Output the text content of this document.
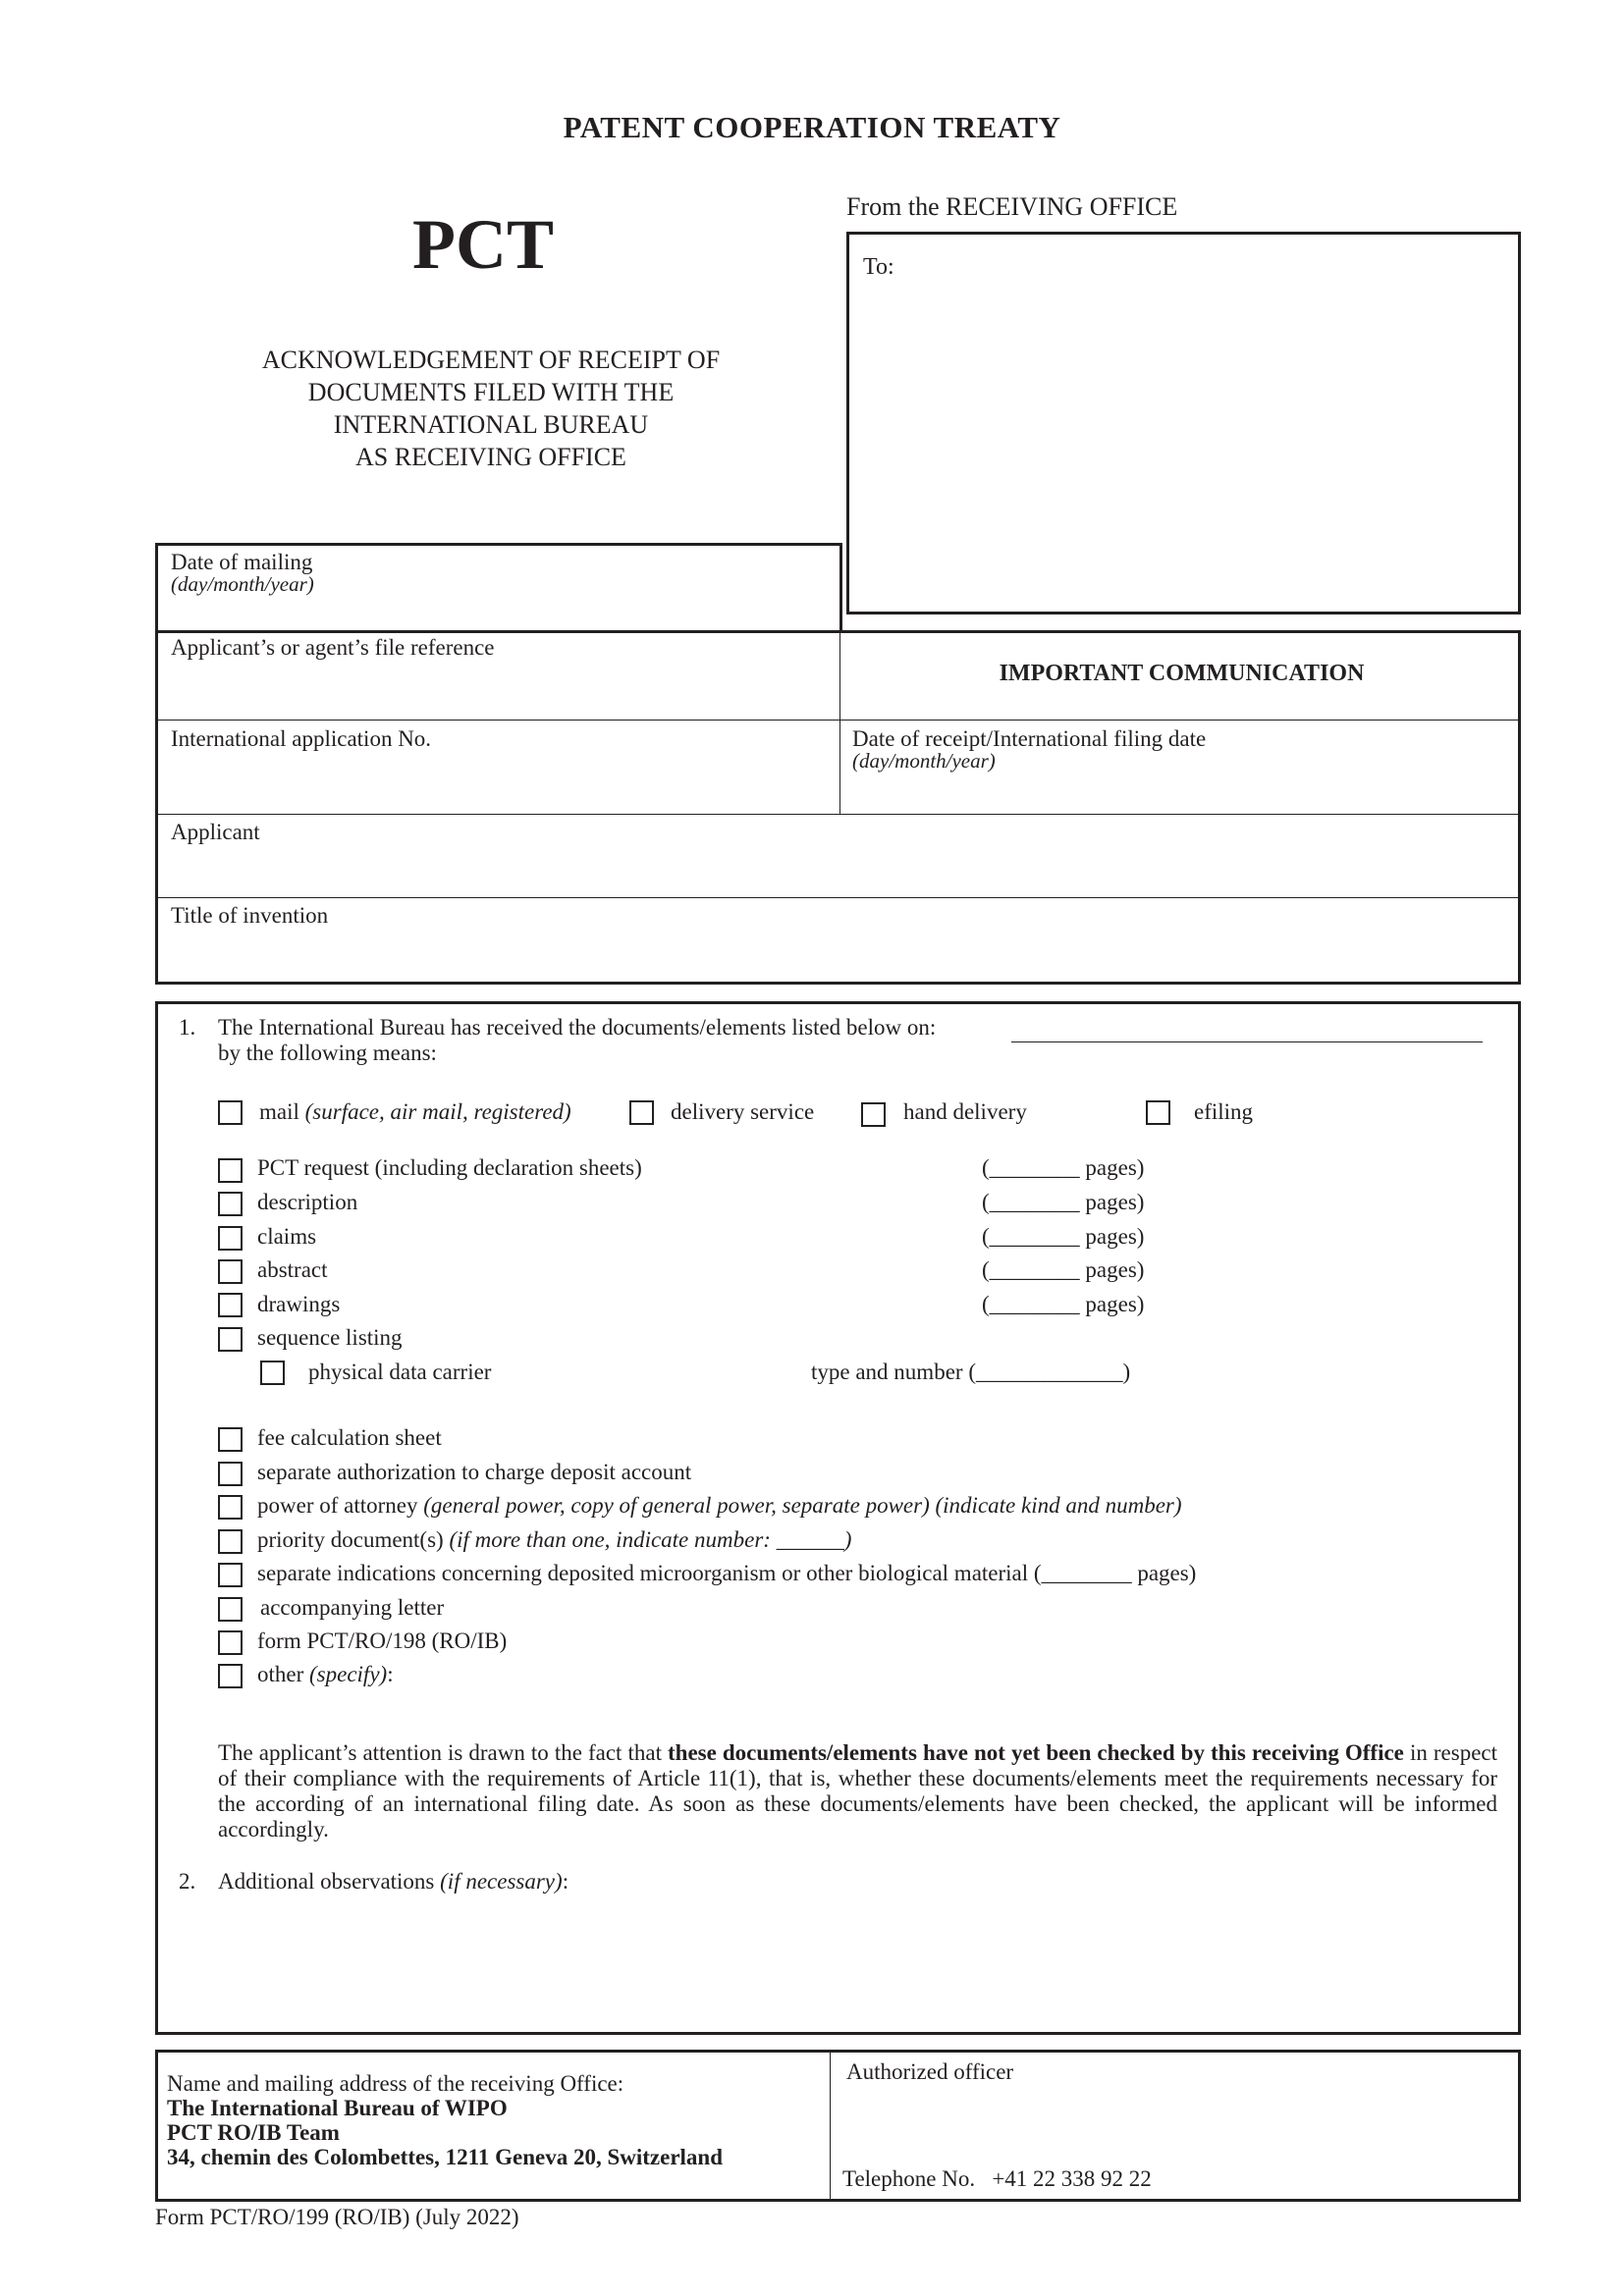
PATENT COOPERATION TREATY
PCT
ACKNOWLEDGEMENT OF RECEIPT OF
DOCUMENTS FILED WITH THE
INTERNATIONAL BUREAU
AS RECEIVING OFFICE
From the RECEIVING OFFICE
To:
Date of mailing
(day/month/year)
Applicant’s or agent’s file reference
IMPORTANT COMMUNICATION
International application No.	Date of receipt/International filing date
(day/month/year)
Applicant
Title of invention
1. The International Bureau has received the documents/elements listed below on:
by the following means:
mail (surface, air mail, registered)	delivery service	hand delivery	efiling
PCT request (including declaration sheets)	(________ pages)
description	(________ pages)
claims	(________ pages)
abstract	(________ pages)
drawings	(________ pages)
sequence listing
physical data carrier	type and number (_____________)
fee calculation sheet
separate authorization to charge deposit account
power of attorney (general power, copy of general power, separate power) (indicate kind and number)
priority document(s) (if more than one, indicate number: ______)
separate indications concerning deposited microorganism or other biological material (________ pages)
accompanying letter
form PCT/RO/198 (RO/IB)
other (specify):
The applicant’s attention is drawn to the fact that these documents/elements have not yet been checked by this receiving Office in respect of their compliance with the requirements of Article 11(1), that is, whether these documents/elements meet the requirements necessary for the according of an international filing date. As soon as these documents/elements have been checked, the applicant will be informed accordingly.
2. Additional observations (if necessary):
Name and mailing address of the receiving Office:
The International Bureau of WIPO
PCT RO/IB Team
34, chemin des Colombettes, 1211 Geneva 20, Switzerland
Authorized officer
Telephone No. +41 22 338 92 22
Form PCT/RO/199 (RO/IB) (July 2022)
